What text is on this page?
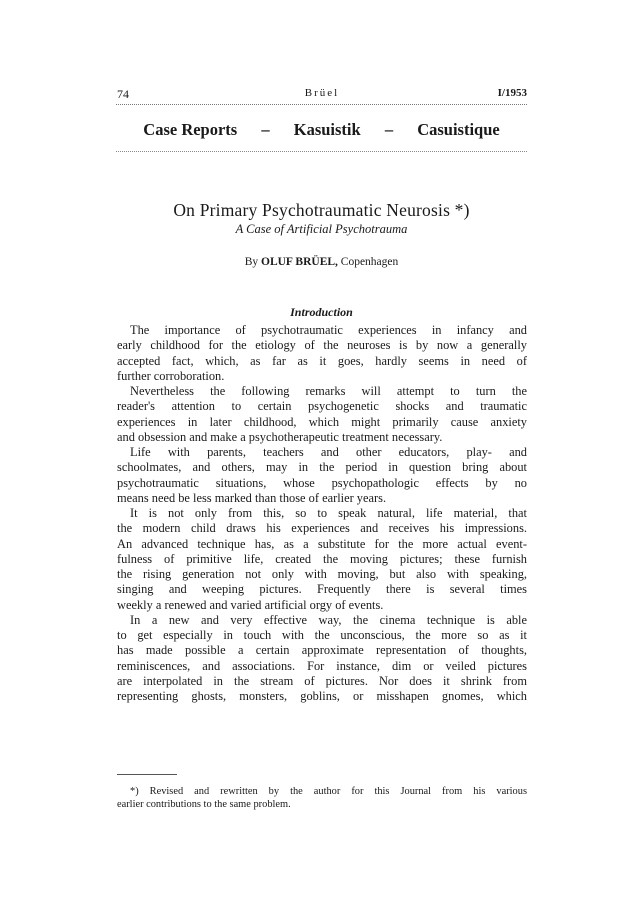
74	Brüel	I/1953
Case Reports – Kasuistik – Casuistique
On Primary Psychotraumatic Neurosis *)
A Case of Artificial Psychotrauma
By OLUF BRÜEL, Copenhagen
Introduction
The importance of psychotraumatic experiences in infancy and
early childhood for the etiology of the neuroses is by now a generally
accepted fact, which, as far as it goes, hardly seems in need of
further corroboration.
Nevertheless the following remarks will attempt to turn the
reader's attention to certain psychogenetic shocks and traumatic
experiences in later childhood, which might primarily cause anxiety
and obsession and make a psychotherapeutic treatment necessary.
Life with parents, teachers and other educators, play- and
schoolmates, and others, may in the period in question bring about
psychotraumatic situations, whose psychopathologic effects by no
means need be less marked than those of earlier years.
It is not only from this, so to speak natural, life material, that
the modern child draws his experiences and receives his impressions.
An advanced technique has, as a substitute for the more actual event-
fulness of primitive life, created the moving pictures; these furnish
the rising generation not only with moving, but also with speaking,
singing and weeping pictures. Frequently there is several times
weekly a renewed and varied artificial orgy of events.
In a new and very effective way, the cinema technique is able
to get especially in touch with the unconscious, the more so as it
has made possible a certain approximate representation of thoughts,
reminiscences, and associations. For instance, dim or veiled pictures
are interpolated in the stream of pictures. Nor does it shrink from
representing ghosts, monsters, goblins, or misshapen gnomes, which
*) Revised and rewritten by the author for this Journal from his various
earlier contributions to the same problem.
